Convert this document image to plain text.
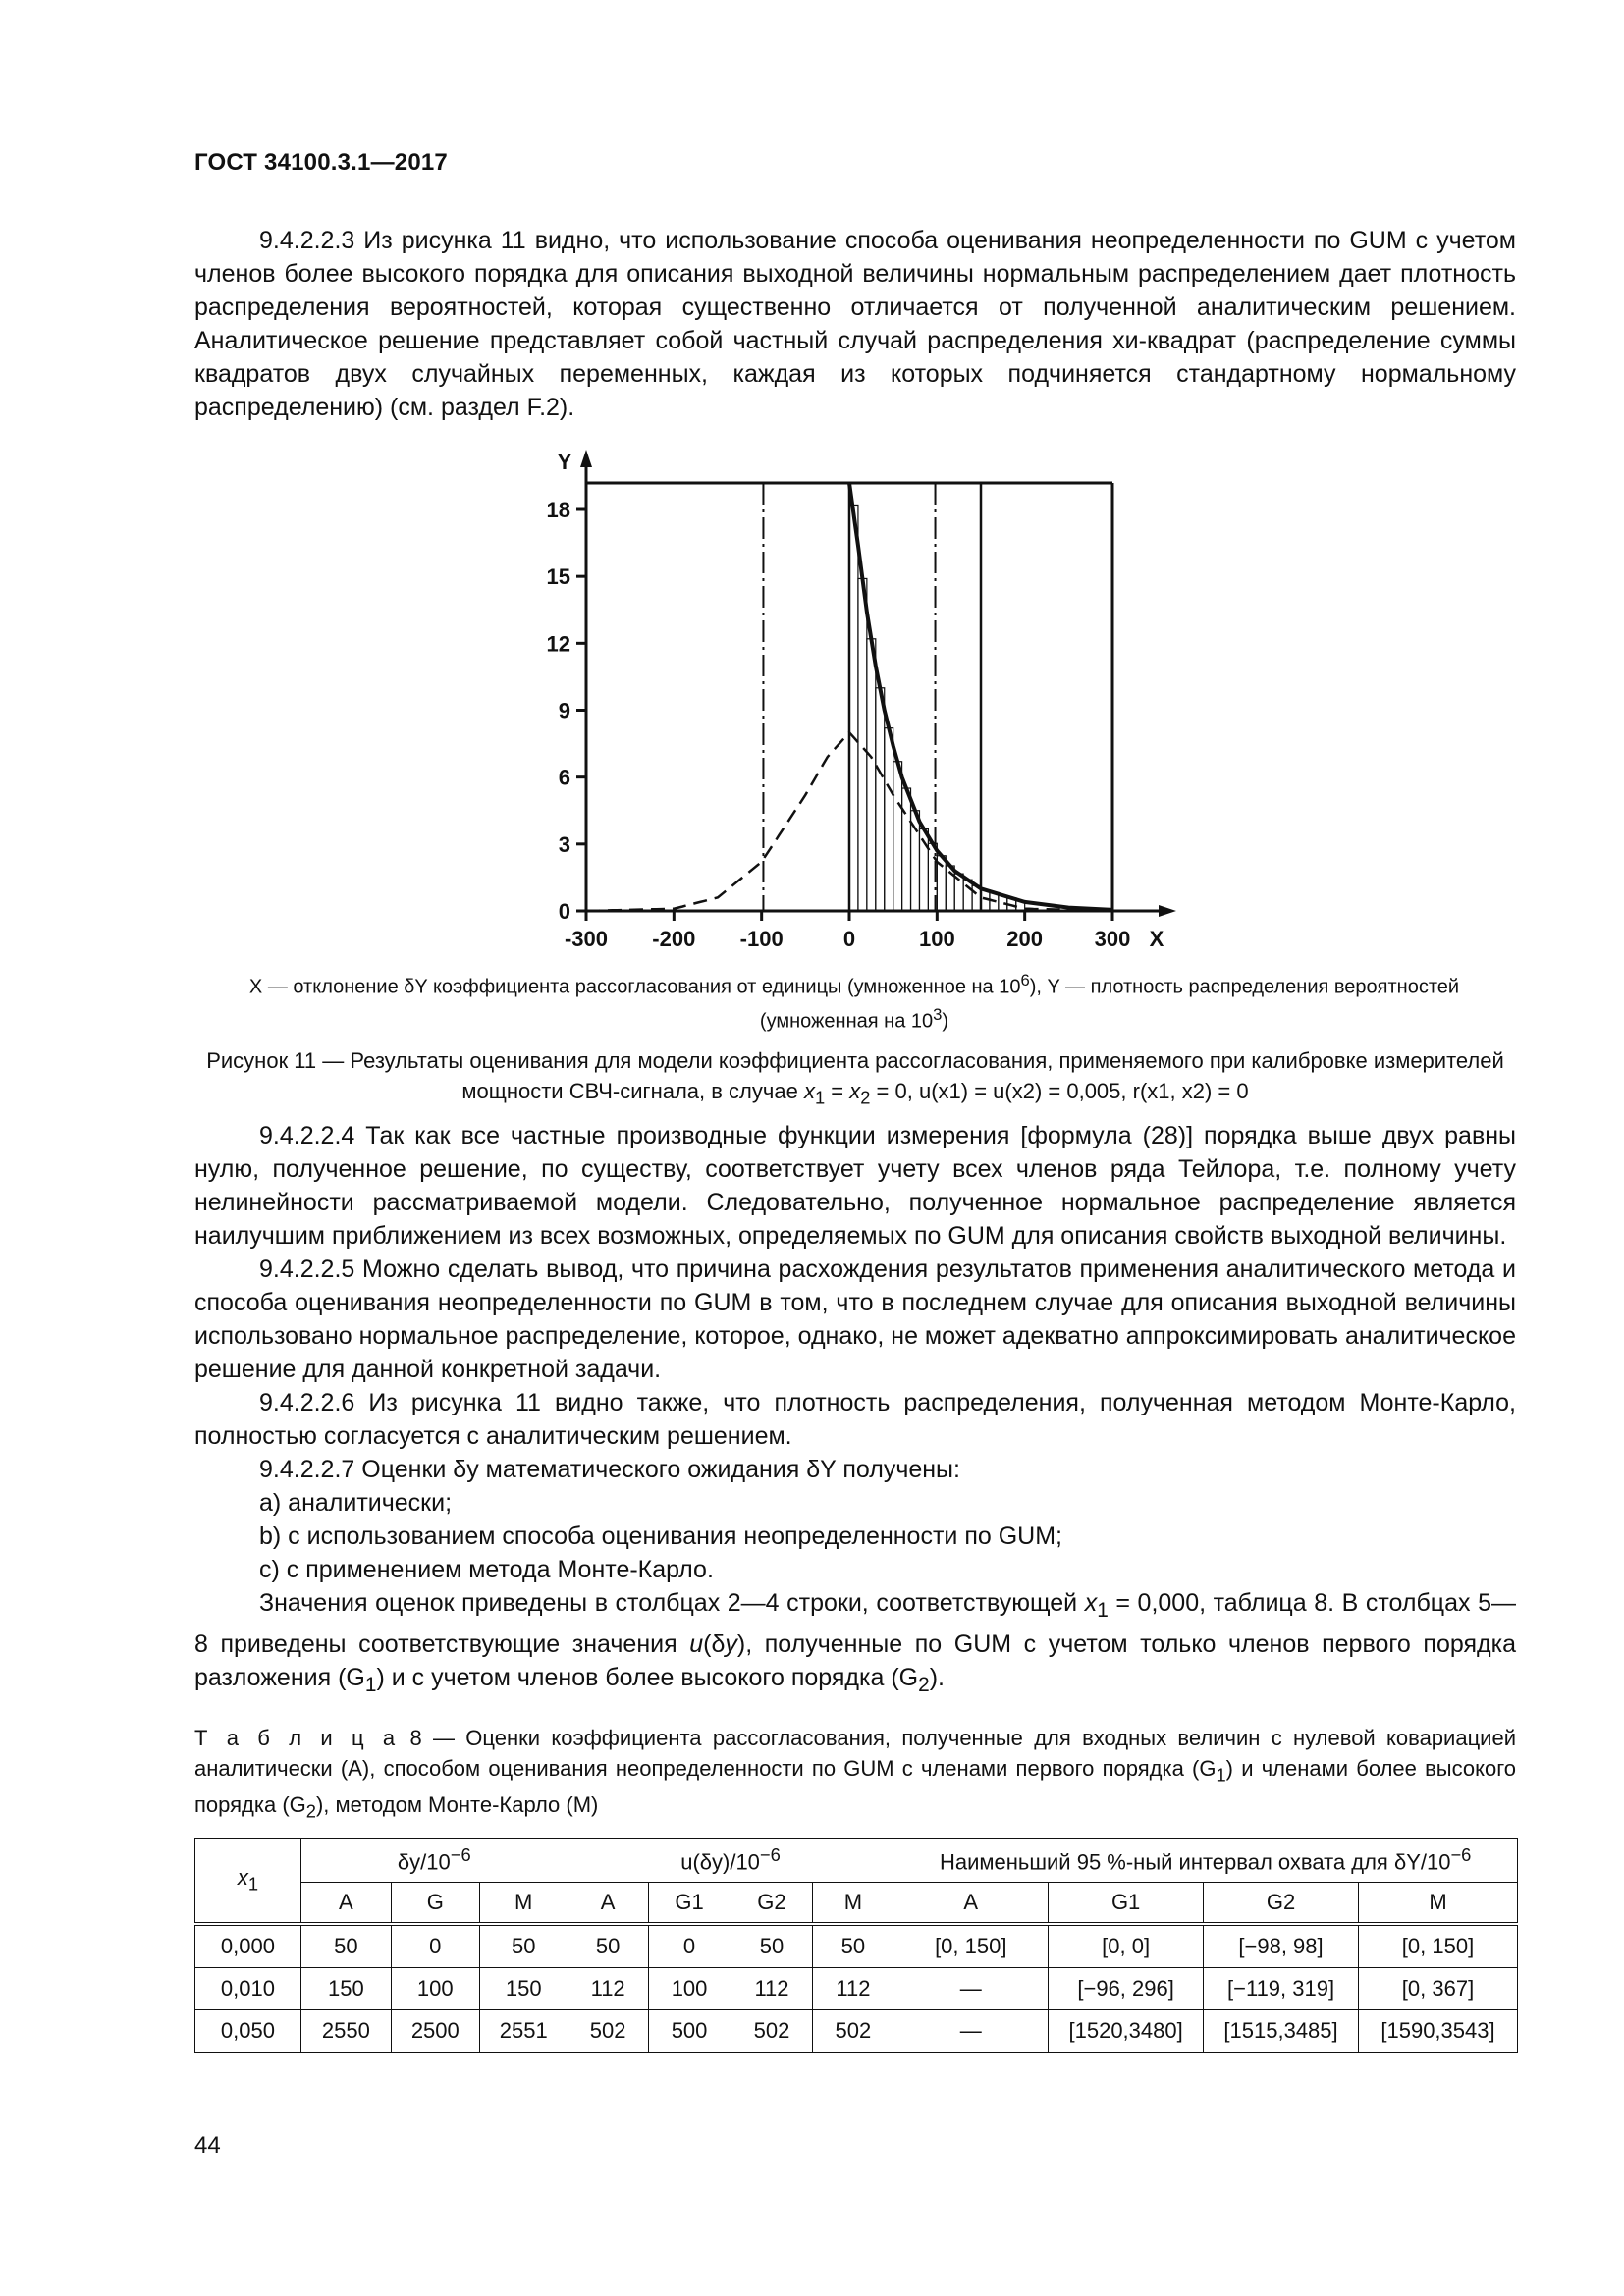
ГОСТ 34100.3.1—2017

9.4.2.2.3 Из рисунка 11 видно, что использование способа оценивания неопределенности по GUM с учетом членов более высокого порядка для описания выходной величины нормальным распределением дает плотность распределения вероятностей, которая существенно отличается от полученной аналитическим решением. Аналитическое решение представляет собой частный случай распределения хи-квадрат (распределение суммы квадратов двух случайных переменных, каждая из которых подчиняется стандартному нормальному распределению) (см. раздел F.2).

0
3
6
9
12
15
18
-300 -200 -100	0	100 200 300 X
Y
X — отклонение δY коэффициента рассогласования от единицы (умноженное на $10^6$), Y — плотность распределения вероятностей (умноженная на $10^3$)
Рисунок 11 — Результаты оценивания для модели коэффициента рассогласования, применяемого при калибровке измерителей мощности СВЧ-сигнала, в случае $x_1 = x_2 = 0$, u(x1) = u(x2) = 0,005, r(x1, x2) = 0

9.4.2.2.4 Так как все частные производные функции измерения [формула (28)] порядка выше двух равны нулю, полученное решение, по существу, соответствует учету всех членов ряда Тейлора, т.е. полному учету нелинейности рассматриваемой модели. Следовательно, полученное нормальное распределение является наилучшим приближением из всех возможных, определяемых по GUM для описания свойств выходной величины.

9.4.2.2.5 Можно сделать вывод, что причина расхождения результатов применения аналитического метода и способа оценивания неопределенности по GUM в том, что в последнем случае для описания выходной величины использовано нормальное распределение, которое, однако, не может адекватно аппроксимировать аналитическое решение для данной конкретной задачи.

9.4.2.2.6 Из рисунка 11 видно также, что плотность распределения, полученная методом Монте-Карло, полностью согласуется с аналитическим решением.

9.4.2.2.7 Оценки δy математического ожидания δY получены:

a) аналитически;

b) с использованием способа оценивания неопределенности по GUM;

c) с применением метода Монте-Карло.

Значения оценок приведены в столбцах 2—4 строки, соответствующей $x_1 = 0,000$, таблица 8. В столбцах 5—8 приведены соответствующие значения u(δy), полученные по GUM с учетом только членов первого порядка разложения $(G_1)$ и с учетом членов более высокого порядка $(G_2)$.

Т а б л и ц а 8 — Оценки коэффициента рассогласования, полученные для входных величин с нулевой ковариацией аналитически (A), способом оценивания неопределенности по GUM с членами первого порядка $(G_1)$ и членами более высокого порядка $(G_2)$, методом Монте-Карло (M)
$x_1$	$\delta y/10^{-6}$			$u(\delta y)/10^{-6}$				Наименьший 95 %-ный интервал охвата для $\delta Y/10^{-6}$
	A	G	M	A	G1	G2	M	A	G1	G2	M
0,000	50	0	50	50	0	50	50	[0, 150]	[0, 0]	[−98, 98]	[0, 150]
0,010	150	100	150	112	100	112	112	—	[−96, 296]	[−119, 319]	[0, 367]
0,050	2550	2500	2551	502	500	502	502	—	[1520,3480]	[1515,3485]	[1590,3543]
44
